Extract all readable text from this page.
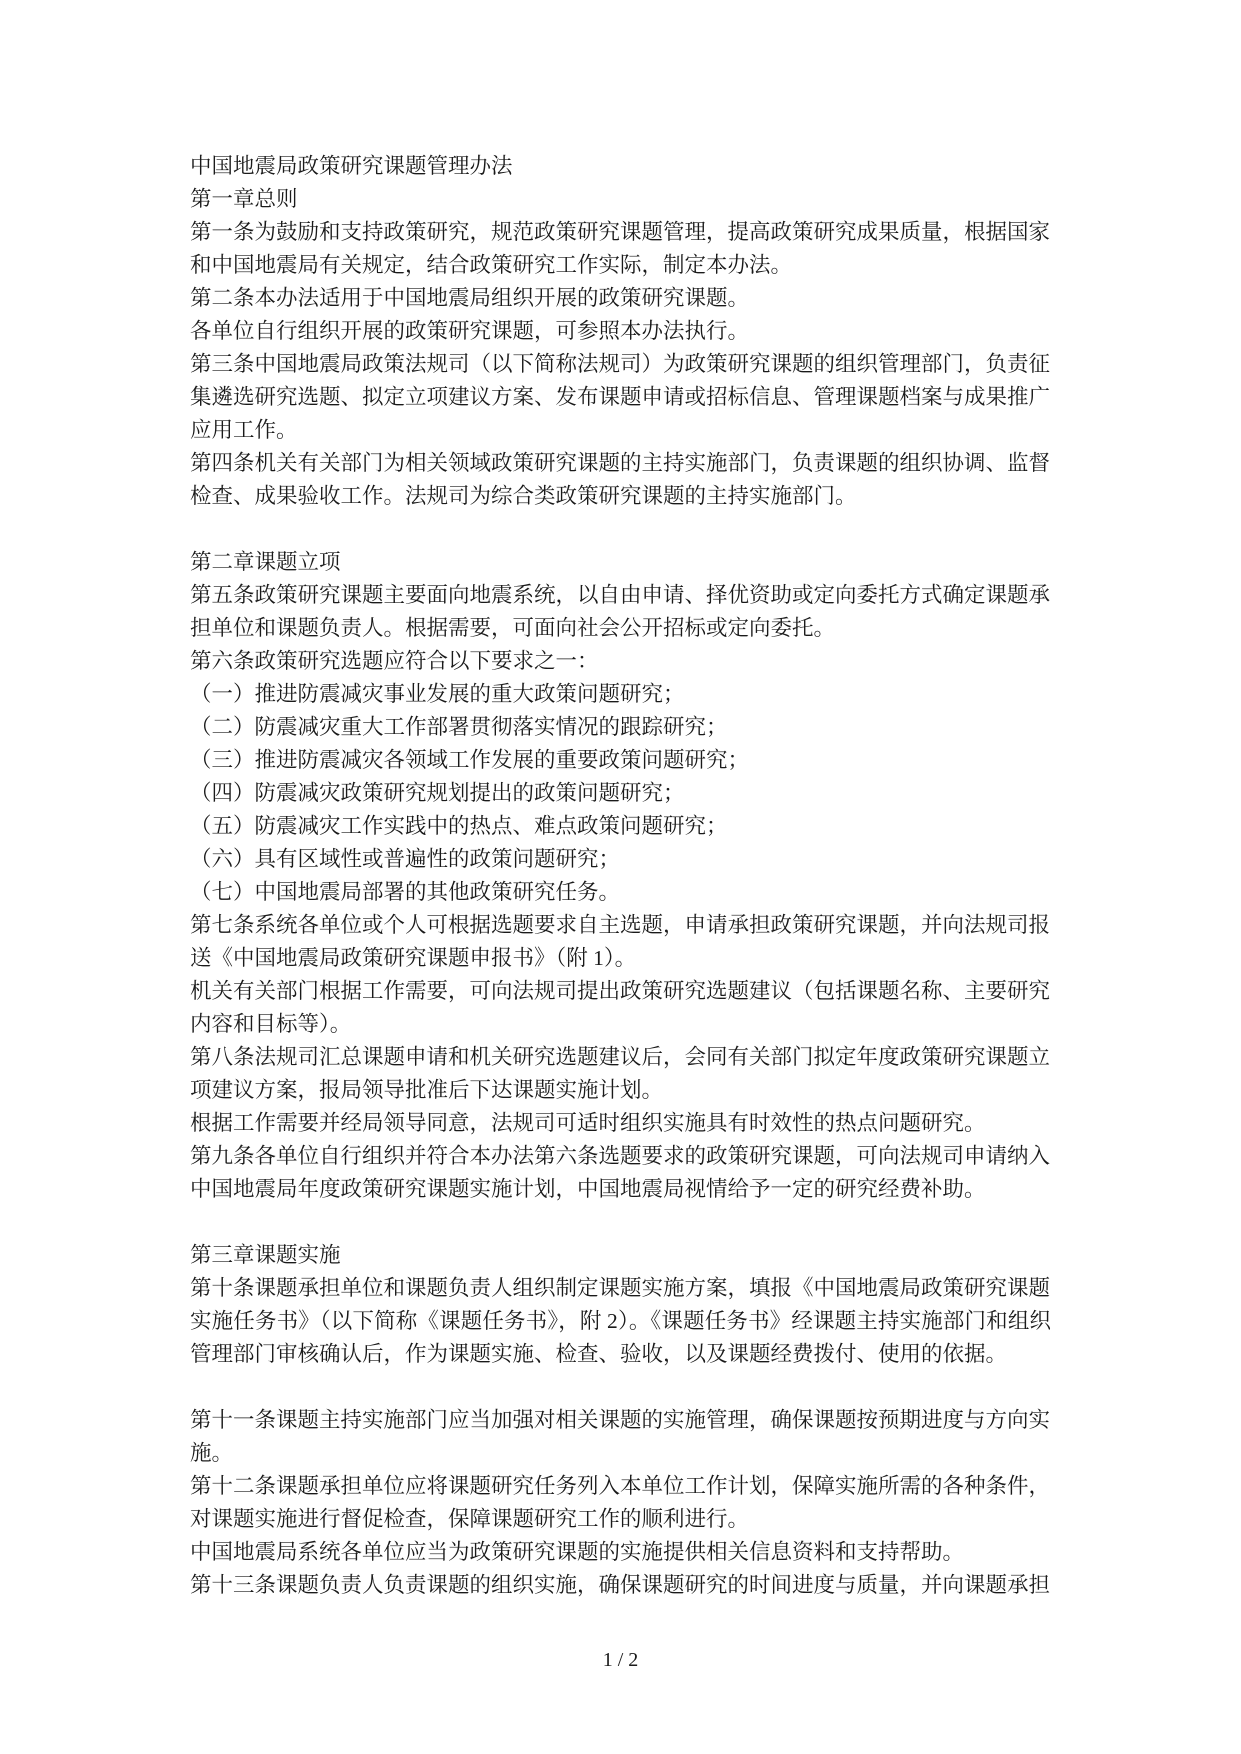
中国地震局政策研究课题管理办法
第一章总则
第一条为鼓励和支持政策研究，规范政策研究课题管理，提高政策研究成果质量，根据国家
和中国地震局有关规定，结合政策研究工作实际，制定本办法。
第二条本办法适用于中国地震局组织开展的政策研究课题。
各单位自行组织开展的政策研究课题，可参照本办法执行。
第三条中国地震局政策法规司（以下简称法规司）为政策研究课题的组织管理部门，负责征
集遴选研究选题、拟定立项建议方案、发布课题申请或招标信息、管理课题档案与成果推广
应用工作。
第四条机关有关部门为相关领域政策研究课题的主持实施部门，负责课题的组织协调、监督
检查、成果验收工作。法规司为综合类政策研究课题的主持实施部门。
第二章课题立项
第五条政策研究课题主要面向地震系统，以自由申请、择优资助或定向委托方式确定课题承
担单位和课题负责人。根据需要，可面向社会公开招标或定向委托。
第六条政策研究选题应符合以下要求之一：
（一）推进防震减灾事业发展的重大政策问题研究；
（二）防震减灾重大工作部署贯彻落实情况的跟踪研究；
（三）推进防震减灾各领域工作发展的重要政策问题研究；
（四）防震减灾政策研究规划提出的政策问题研究；
（五）防震减灾工作实践中的热点、难点政策问题研究；
（六）具有区域性或普遍性的政策问题研究；
（七）中国地震局部署的其他政策研究任务。
第七条系统各单位或个人可根据选题要求自主选题，申请承担政策研究课题，并向法规司报
送《中国地震局政策研究课题申报书》（附 1）。
机关有关部门根据工作需要，可向法规司提出政策研究选题建议（包括课题名称、主要研究
内容和目标等）。
第八条法规司汇总课题申请和机关研究选题建议后，会同有关部门拟定年度政策研究课题立
项建议方案，报局领导批准后下达课题实施计划。
根据工作需要并经局领导同意，法规司可适时组织实施具有时效性的热点问题研究。
第九条各单位自行组织并符合本办法第六条选题要求的政策研究课题，可向法规司申请纳入
中国地震局年度政策研究课题实施计划，中国地震局视情给予一定的研究经费补助。
第三章课题实施
第十条课题承担单位和课题负责人组织制定课题实施方案，填报《中国地震局政策研究课题
实施任务书》（以下简称《课题任务书》，附 2）。《课题任务书》经课题主持实施部门和组织
管理部门审核确认后，作为课题实施、检查、验收，以及课题经费拨付、使用的依据。
第十一条课题主持实施部门应当加强对相关课题的实施管理，确保课题按预期进度与方向实
施。
第十二条课题承担单位应将课题研究任务列入本单位工作计划，保障实施所需的各种条件，
对课题实施进行督促检查，保障课题研究工作的顺利进行。
中国地震局系统各单位应当为政策研究课题的实施提供相关信息资料和支持帮助。
第十三条课题负责人负责课题的组织实施，确保课题研究的时间进度与质量，并向课题承担
1 / 2
